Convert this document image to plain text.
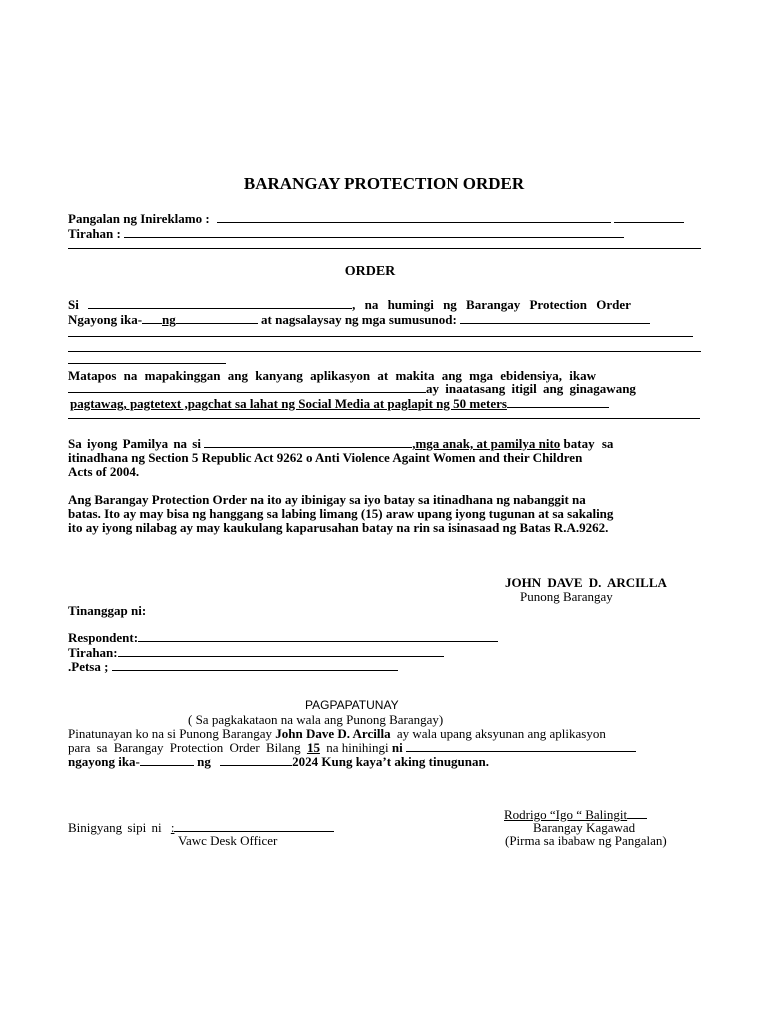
BARANGAY PROTECTION ORDER
Pangalan ng Inireklamo :
Tirahan :
ORDER
Si	, na humingi ng Barangay Protection Order
Ngayong ika- ng	at nagsalaysay ng mga sumusunod:
Matapos na mapakinggan ang kanyang aplikasyon at makita ang mga ebidensiya, ikaw
ay inaatasang itigil ang ginagawang
pagtawag, pagtetext ,pagchat sa lahat ng Social Media at paglapit ng 50 meters
Sa iyong Pamilya na si	,mga anak, at pamilya nito batay sa
itinadhana ng Section 5 Republic Act 9262 o Anti Violence Againt Women and their Children
Acts of 2004.
Ang Barangay Protection Order na ito ay ibinigay sa iyo batay sa itinadhana ng nabanggit na
batas. Ito ay may bisa ng hanggang sa labing limang (15) araw upang iyong tugunan at sa sakaling
ito ay iyong nilabag ay may kaukulang kaparusahan batay na rin sa isinasaad ng Batas R.A.9262.
JOHN DAVE D. ARCILLA
Punong Barangay
Tinanggap ni:
Respondent:
Tirahan:
.Petsa ;
PAGPAPATUNAY
( Sa pagkakataon na wala ang Punong Barangay)
Pinatunayan ko na si Punong Barangay John Dave D. Arcilla ay wala upang aksyunan ang aplikasyon
para sa Barangay Protection Order Bilang 15 na hinihingi ni
ngayong ika-	ng	2024 Kung kaya’t aking tinugunan.
Rodrigo “Igo “ Balingit
Barangay Kagawad
(Pirma sa ibabaw ng Pangalan)
Binigyang sipi ni :
Vawc Desk Officer
